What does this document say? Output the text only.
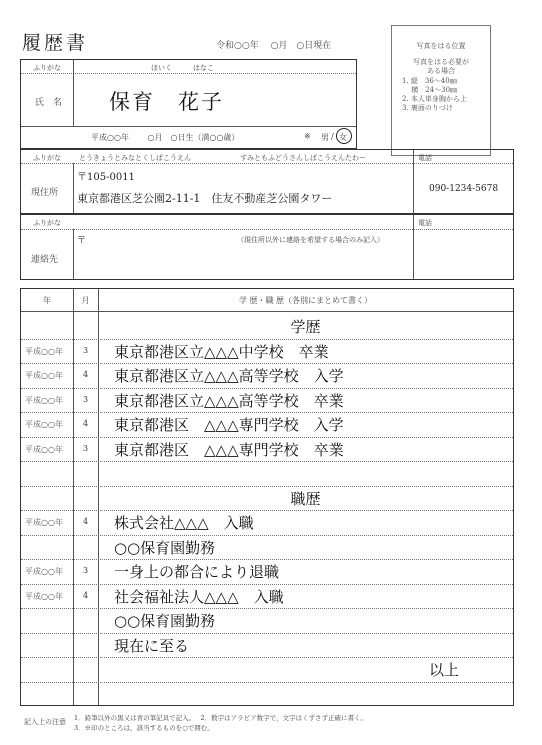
履歴書	令和○○年　 ○月　○日現在	写真をはる位置
写真をはる必要が
ある場合
1. 縦　36〜40㎜
　 横　24〜30㎜
2. 本人単身胸から上
3. 裏面のりづけ
ふりがな	ほいく　　　はなこ
氏　名 保育　花子
平成○○年　　 ○月　○日生（満○○歳）	※ 男 / 女
ふりがな	とうきょうとみなとくしばこうえん　　　　　　　すみともふどうさんしばこうえんたわー	電話
現住所
〒105-0011
東京都港区芝公園2-11-1　住友不動産芝公園タワー
090-1234-5678
ふりがな	電話
連絡先
〒	（現住所以外に連絡を希望する場合のみ記入）
年	月	学 歴・職 歴（各別にまとめて書く）
学歴
平成○○年	3	東京都港区立△△△中学校　卒業
平成○○年	4	東京都港区立△△△高等学校　入学
平成○○年	3	東京都港区立△△△高等学校　卒業
平成○○年	4	東京都港区　△△△専門学校　入学
平成○○年	3	東京都港区　△△△専門学校　卒業
職歴
平成○○年	4	株式会社△△△　入職
○○保育園勤務
平成○○年	3	一身上の都合により退職
平成○○年	4	社会福祉法人△△△　入職
○○保育園勤務
現在に至る
以上
記入上の注意 1．鉛筆以外の黒又は青の筆記具で記入。　 2．数字はアラビア数字で，文字はくずさず正確に書く。
3．※印のところは，該当するものを○で囲む。
